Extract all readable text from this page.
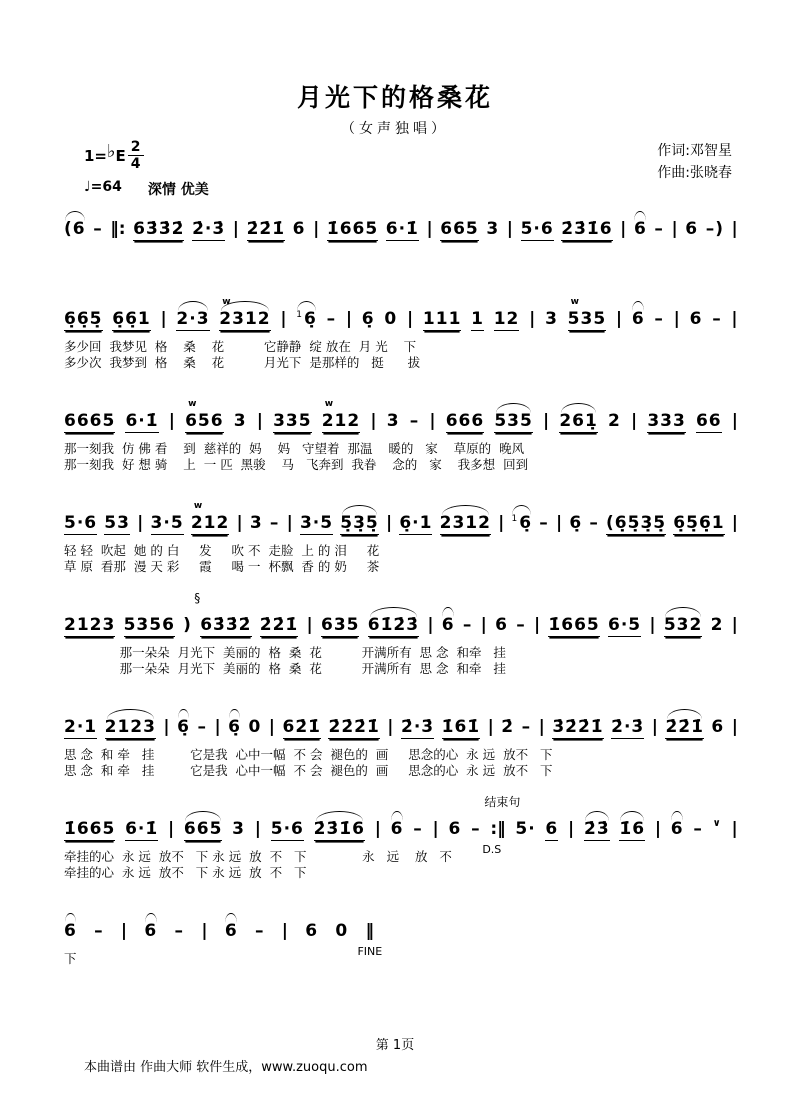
月光下的格桑花
（女声独唱）
1= ♭ E $\frac{2}{4}$
♩=64 深情 优美
作词:邓智星
作曲:张晓春
(6 – ‖: 63̇3̇2̇ 2̇·3̇ | 2̇2̇1̇ 6 | 1̇665 6·1̇ | 665 3 | 5·6 2̇3̇1̇6 | 6 – | 6 –) |
6̣6̣5̣ 6̣6̣1 | 2·3 2312 w | $^1$6̣ – | 6̣ 0 | 111 1 12 | 3 535 w | 6 – | 6 – |
多少回  我梦见  格    桑    花          它静静  绽 放在  月 光    下
多少次  我梦到  格    桑    花          月光下  是那样的   挺      拔
6665 6·1̇ | 656 w 3 | 335 212 w | 3 – | 666 535 | 261̣ 2 | 333 66 |
那一刻我  仿 佛 看    到  慈祥的  妈    妈   守望着  那温    暖的   家    草原的  晚风
那一刻我  好 想 骑    上  一 匹  黑骏    马   飞奔到  我眷    念的   家    我多想  回到
5·6 53 | 3·5 212 w | 3 – | 3·5 5̣3̣5̣ | 6̣·1 2312 | $^1$6̣ – | 6̣ – (6̣5̣3̣5̣ 6̣5̣6̣1 |
轻 轻  吹起  她 的 白     发     吹 不  走脸  上 的 泪     花
草 原  看那  漫 天 彩     霞     喝 一  杯飘  香 的 奶     茶
2123 5356 ) 63̇3̇2̇
§
2̇2̇1̇ | 635 61̇2̇3̇ | 6 – | 6 – | 1̇665 6·5 | 532 2 |
那一朵朵  月光下  美丽的  格  桑  花          开满所有  思 念  和牵   挂
那一朵朵  月光下  美丽的  格  桑  花          开满所有  思 念  和牵   挂
2·1 2123 | 6̣ – | 6̣ 0 | 62̇1̇ 2̇2̇2̇1̇ | 2̇·3̇ 1̇61̇ | 2̇ – | 3̇2̇2̇1̇ 2̇·3̇ | 2̇2̇1̇ 6 |
思 念  和 牵   挂         它是我  心中一幅  不 会  褪色的  画     思念的心  永 远  放不   下
思 念  和 牵   挂         它是我  心中一幅  不 会  褪色的  画     思念的心  永 远  放不   下
1̇665 6·1̇ | 665 3 | 5·6 2̇3̇1̇6 | 6 – | 6 – :‖
结束句
D.S
5· 6 | 2̇3̇ 1̇6 | 6 – ∨ |
牵挂的心  永 远  放不   下 永 远  放  不   下              永   远    放   不
牵挂的心  永 远  放不   下 永 远  放  不   下
6 – | 6 – | 6 – | 6 0 ‖
FINE
下
第 1页
本曲谱由 作曲大师 软件生成，www.zuoqu.com
